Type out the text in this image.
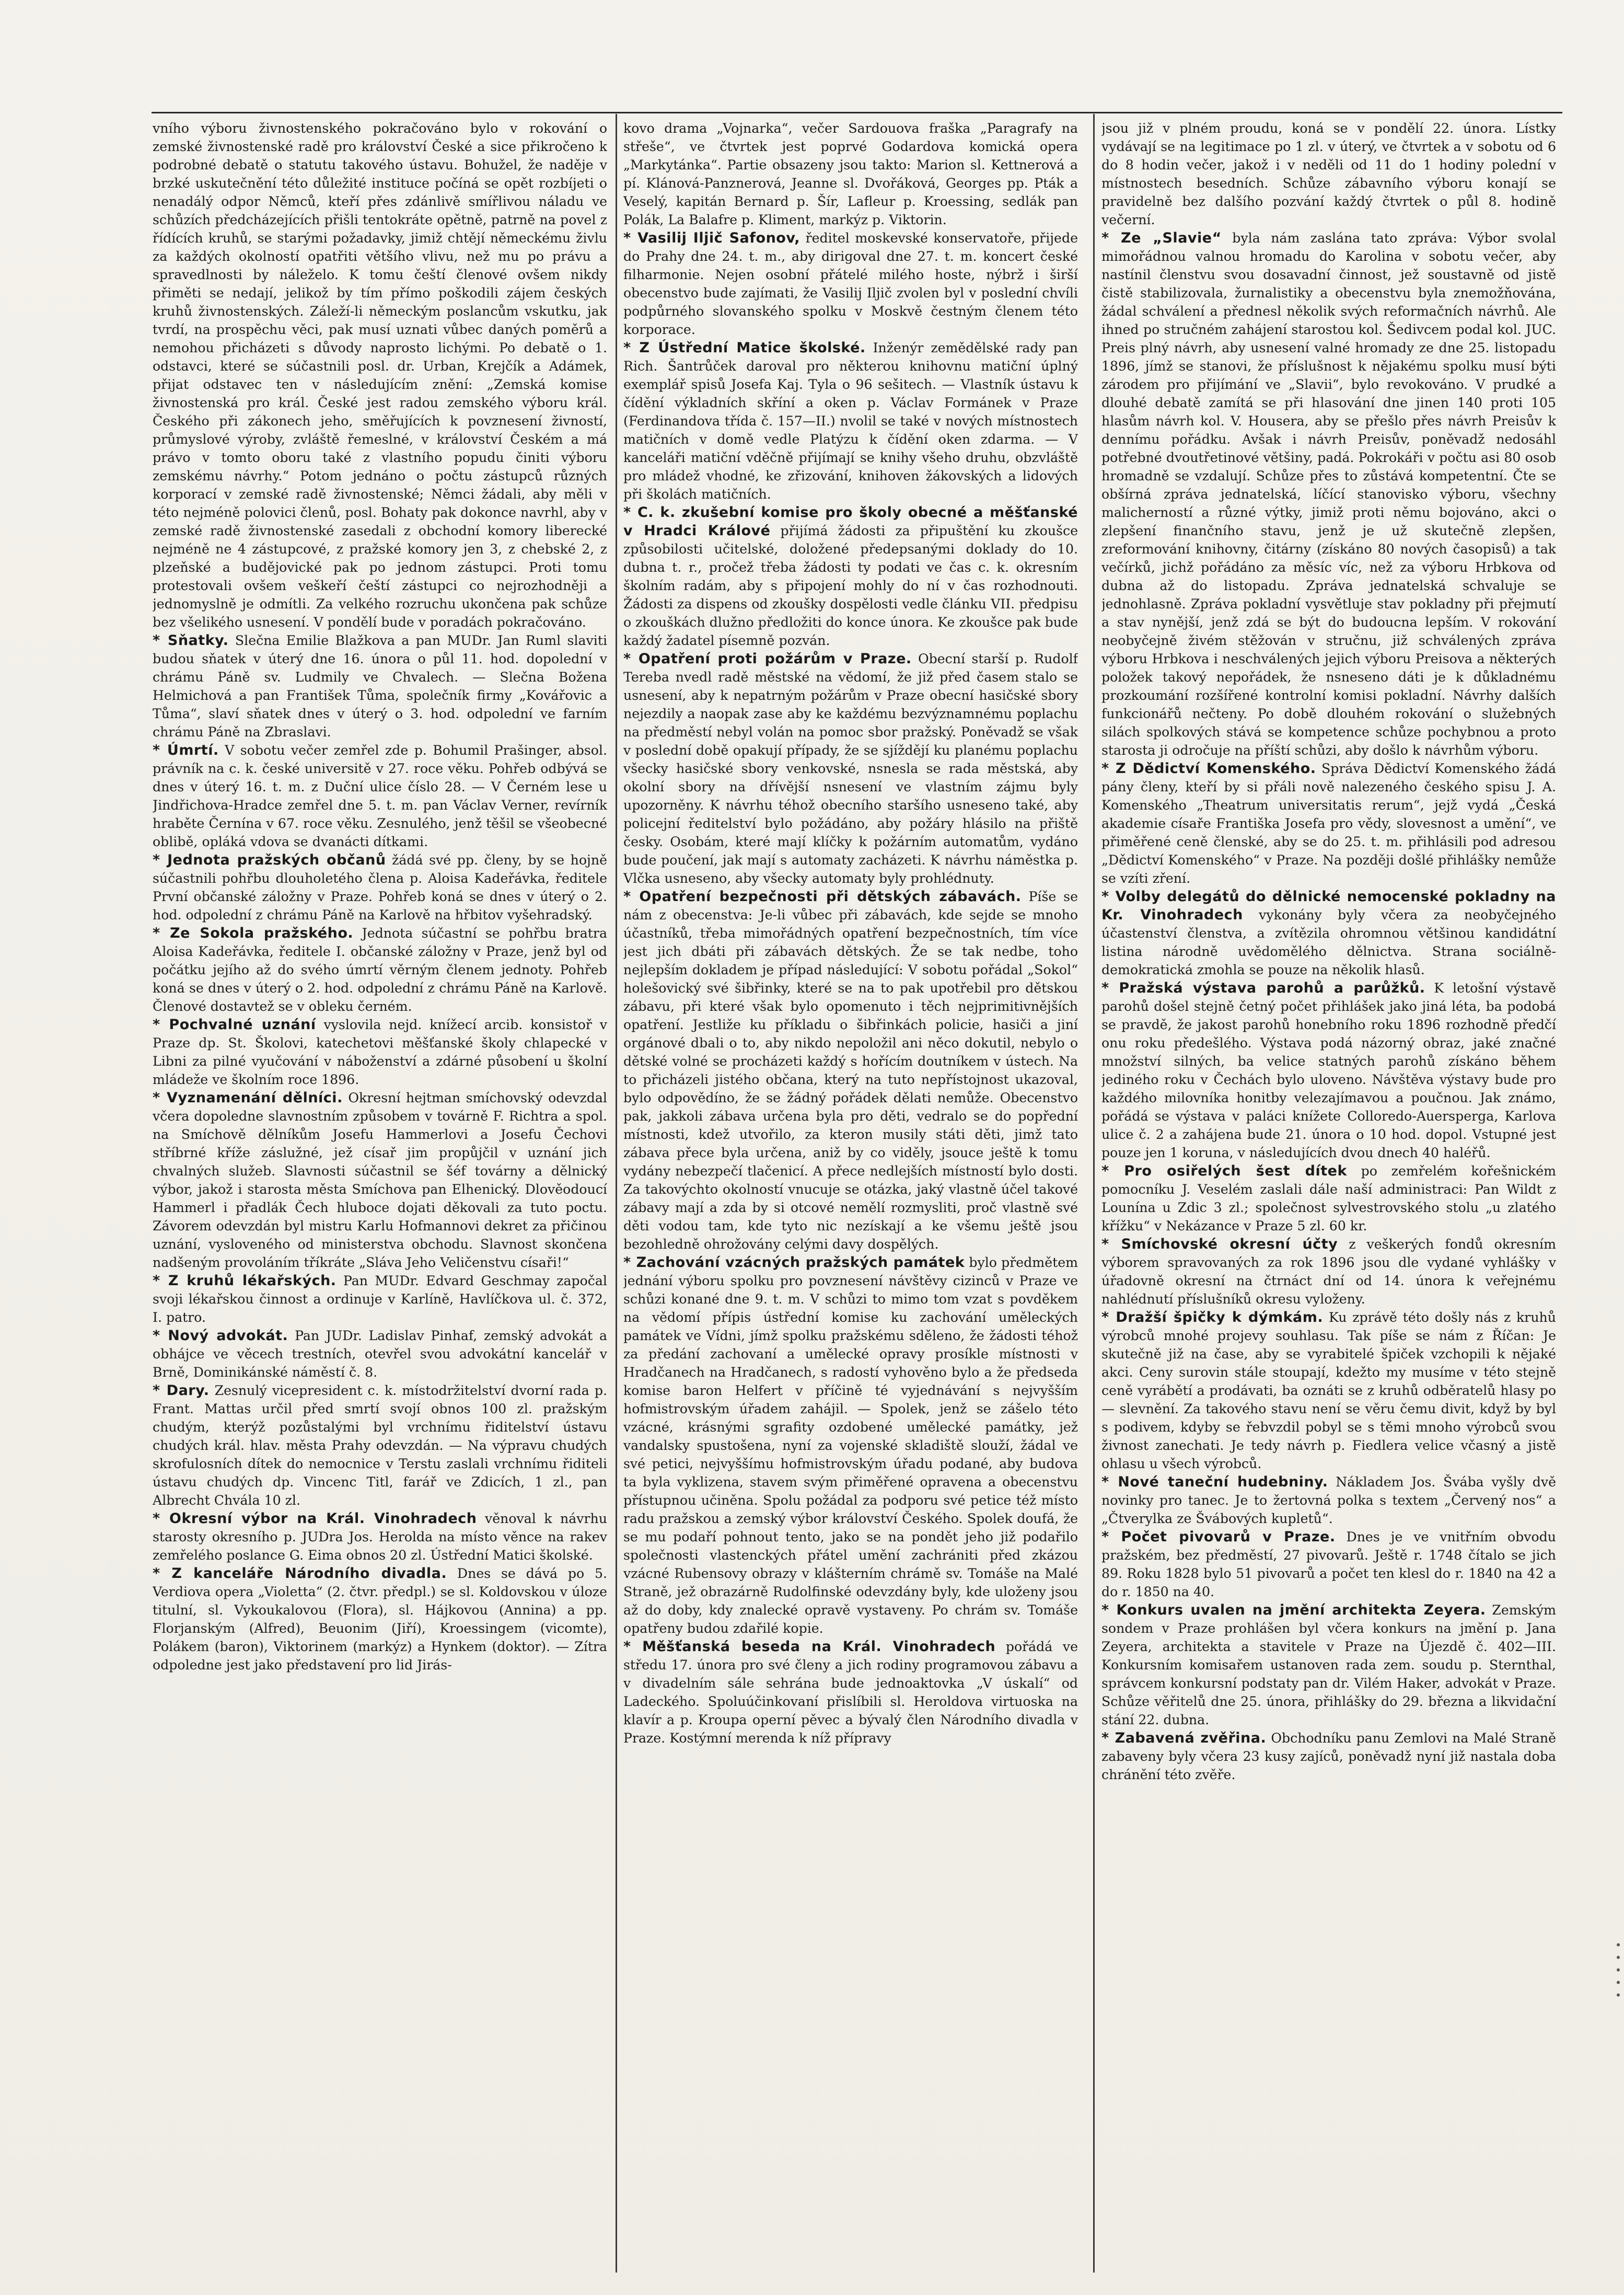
vního výboru živnostenského pokračováno bylo v rokování o zemské živnostenské radě pro království České a sice přikročeno k podrobné debatě o statutu takového ústavu. Bohužel, že naděje v brzké uskutečnění této důležité instituce počíná se opět rozbíjeti o nenadálý odpor Němců, kteří přes zdánlivě smířlivou náladu ve schůzích předcházejících přišli tentokráte opětně, patrně na povel z řídících kruhů, se starými požadavky, jimiž chtějí německému živlu za každých okolností opatřiti většího vlivu, než mu po právu a spravedlnosti by náleželo. K tomu čeští členové ovšem nikdy přiměti se nedají, jelikož by tím přímo poškodili zájem českých kruhů živnostenských. Záleží-li německým poslancům vskutku, jak tvrdí, na prospěchu věci, pak musí uznati vůbec daných poměrů a nemohou přicházeti s důvody naprosto lichými. Po debatě o 1. odstavci, které se súčastnili posl. dr. Urban, Krejčík a Adámek, přijat odstavec ten v následujícím znění: „Zemská komise živnostenská pro král. České jest radou zemského výboru král. Českého při zákonech jeho, směřujících k povznesení živností, průmyslové výroby, zvláště řemeslné, v království Českém a má právo v tomto oboru také z vlastního popudu činiti výboru zemskému návrhy.“ Potom jednáno o počtu zástupců různých korporací v zemské radě živnostenské; Němci žádali, aby měli v této nejméně polovici členů, posl. Bohaty pak dokonce navrhl, aby v zemské radě živnostenské zasedali z obchodní komory liberecké nejméně ne 4 zástupcové, z pražské komory jen 3, z chebské 2, z plzeňské a budějovické pak po jednom zástupci. Proti tomu protestovali ovšem veškeří čeští zástupci co nejrozhodněji a jednomyslně je odmítli. Za velkého rozruchu ukončena pak schůze bez všelikého usnesení. V pondělí bude v poradách pokračováno.

* Sňatky. Slečna Emilie Blažkova a pan MUDr. Jan Ruml slaviti budou sňatek v úterý dne 16. února o půl 11. hod. dopolední v chrámu Páně sv. Ludmily ve Chvalech. — Slečna Božena Helmichová a pan František Tůma, společník firmy „Kovářovic a Tůma“, slaví sňatek dnes v úterý o 3. hod. odpolední ve farním chrámu Páně na Zbraslavi.

* Úmrtí. V sobotu večer zemřel zde p. Bohumil Prašinger, absol. právník na c. k. české universitě v 27. roce věku. Pohřeb odbývá se dnes v úterý 16. t. m. z Duční ulice číslo 28. — V Černém lese u Jindřichova-Hradce zemřel dne 5. t. m. pan Václav Verner, revírník hraběte Černína v 67. roce věku. Zesnulého, jenž těšil se všeobecné oblibě, opláká vdova se dvanácti dítkami.

* Jednota pražských občanů žádá své pp. členy, by se hojně súčastnili pohřbu dlouholetého člena p. Aloisa Kadeřávka, ředitele První občanské záložny v Praze. Pohřeb koná se dnes v úterý o 2. hod. odpolední z chrámu Páně na Karlově na hřbitov vyšehradský.

* Ze Sokola pražského. Jednota súčastní se pohřbu bratra Aloisa Kadeřávka, ředitele I. občanské záložny v Praze, jenž byl od počátku jejího až do svého úmrtí věrným členem jednoty. Pohřeb koná se dnes v úterý o 2. hod. odpolední z chrámu Páně na Karlově. Členové dostavtež se v obleku černém.

* Pochvalné uznání vyslovila nejd. knížecí arcib. konsistoř v Praze dp. St. Školovi, katechetovi měšťanské školy chlapecké v Libni za pilné vyučování v náboženství a zdárné působení u školní mládeže ve školním roce 1896.

* Vyznamenání dělníci. Okresní hejtman smíchovský odevzdal včera dopoledne slavnostním způsobem v továrně F. Richtra a spol. na Smíchově dělníkům Josefu Hammerlovi a Josefu Čechovi stříbrné kříže záslužné, jež císař jim propůjčil v uznání jich chvalných služeb. Slavnosti súčastnil se šéf továrny a dělnický výbor, jakož i starosta města Smíchova pan Elhenický. Dlověodoucí Hammerl i přadlák Čech hluboce dojati děkovali za tuto poctu. Závorem odevzdán byl mistru Karlu Hofmannovi dekret za přičinou uznání, vysloveného od ministerstva obchodu. Slavnost skončena nadšeným provoláním tříkráte „Sláva Jeho Veličenstvu císaři!“

* Z kruhů lékařských. Pan MUDr. Edvard Geschmay započal svoji lékařskou činnost a ordinuje v Karlíně, Havlíčkova ul. č. 372, I. patro.

* Nový advokát. Pan JUDr. Ladislav Pinhaf, zemský advokát a obhájce ve věcech trestních, otevřel svou advokátní kancelář v Brně, Dominikánské náměstí č. 8.

* Dary. Zesnulý vicepresident c. k. místodržitelství dvorní rada p. Frant. Mattas určil před smrtí svojí obnos 100 zl. pražským chudým, kterýž pozůstalými byl vrchnímu řiditelství ústavu chudých král. hlav. města Prahy odevzdán. — Na výpravu chudých skrofulosních dítek do nemocnice v Terstu zaslali vrchnímu řiditeli ústavu chudých dp. Vincenc Titl, farář ve Zdicích, 1 zl., pan Albrecht Chvála 10 zl.

* Okresní výbor na Král. Vinohradech věnoval k návrhu starosty okresního p. JUDra Jos. Herolda na místo věnce na rakev zemřelého poslance G. Eima obnos 20 zl. Ústřední Matici školské.

* Z kanceláře Národního divadla. Dnes se dává po 5. Verdiova opera „Violetta“ (2. čtvr. předpl.) se sl. Koldovskou v úloze titulní, sl. Vykoukalovou (Flora), sl. Hájkovou (Annina) a pp. Florjanským (Alfred), Beuonim (Jiří), Kroessingem (vicomte), Polákem (baron), Viktorinem (markýz) a Hynkem (doktor). — Zítra odpoledne jest jako představení pro lid Jirás-

kovo drama „Vojnarka“, večer Sardouova fraška „Paragrafy na střeše“, ve čtvrtek jest poprvé Godardova komická opera „Markytánka“. Partie obsazeny jsou takto: Marion sl. Kettnerová a pí. Klánová-Panznerová, Jeanne sl. Dvořáková, Georges pp. Pták a Veselý, kapitán Bernard p. Šír, Lafleur p. Kroessing, sedlák pan Polák, La Balafre p. Kliment, markýz p. Viktorin.

* Vasilij Iljič Safonov, ředitel moskevské konservatoře, přijede do Prahy dne 24. t. m., aby dirigoval dne 27. t. m. koncert české filharmonie. Nejen osobní přátelé milého hoste, nýbrž i širší obecenstvo bude zajímati, že Vasilij Iljič zvolen byl v poslední chvíli podpůrného slovanského spolku v Moskvě čestným členem této korporace.

* Z Ústřední Matice školské. Inženýr zemědělské rady pan Rich. Šantrůček daroval pro některou knihovnu matiční úplný exemplář spisů Josefa Kaj. Tyla o 96 sešitech. — Vlastník ústavu k čídění výkladních skříní a oken p. Václav Formánek v Praze (Ferdinandova třída č. 157—II.) nvolil se také v nových místnostech matičních v domě vedle Platýzu k čídění oken zdarma. — V kanceláři matiční vděčně přijímají se knihy všeho druhu, obzvláště pro mládež vhodné, ke zřizování, knihoven žákovských a lidových při školách matičních.

* C. k. zkušební komise pro školy obecné a měšťanské v Hradci Králové přijímá žádosti za připuštění ku zkoušce způsobilosti učitelské, doložené předepsanými doklady do 10. dubna t. r., pročež třeba žádosti ty podati ve čas c. k. okresním školním radám, aby s připojení mohly do ní v čas rozhodnouti. Žádosti za dispens od zkoušky dospělosti vedle článku VII. předpisu o zkouškách dlužno předložiti do konce února. Ke zkoušce pak bude každý žadatel písemně pozván.

* Opatření proti požárům v Praze. Obecní starší p. Rudolf Tereba nvedl radě městské na vědomí, že již před časem stalo se usnesení, aby k nepatrným požárům v Praze obecní hasičské sbory nejezdily a naopak zase aby ke každému bezvýznamnému poplachu na předměstí nebyl volán na pomoc sbor pražský. Poněvadž se však v poslední době opakují případy, že se sjíždějí ku planému poplachu všecky hasičské sbory venkovské, nsnesla se rada městská, aby okolní sbory na dřívější nsnesení ve vlastním zájmu byly upozorněny. K návrhu téhož obecního staršího usneseno také, aby policejní ředitelství bylo požádáno, aby požáry hlásilo na přiště česky. Osobám, které mají klíčky k požárním automatům, vydáno bude poučení, jak mají s automaty zacházeti. K návrhu náměstka p. Vlčka usneseno, aby všecky automaty byly prohlédnuty.

* Opatření bezpečnosti při dětských zábavách. Píše se nám z obecenstva: Je-li vůbec při zábavách, kde sejde se mnoho účastníků, třeba mimořádných opatření bezpečnostních, tím více jest jich dbáti při zábavách dětských. Že se tak nedbe, toho nejlepším dokladem je případ následující: V sobotu pořádal „Sokol“ holešovický své šibřinky, které se na to pak upotřebil pro dětskou zábavu, při které však bylo opomenuto i těch nejprimitivnějších opatření. Jestliže ku příkladu o šibřinkách policie, hasiči a jiní orgánové dbali o to, aby nikdo nepoložil ani něco dokutil, nebylo o dětské volné se procházeti každý s hořícím doutníkem v ústech. Na to přicházeli jistého občana, který na tuto nepřístojnost ukazoval, bylo odpovědíno, že se žádný pořádek dělati nemůže. Obecenstvo pak, jakkoli zábava určena byla pro děti, vedralo se do popřední místnosti, kdež utvořilo, za kteron musily státi děti, jimž tato zábava přece byla určena, aniž by co viděly, jsouce ještě k tomu vydány nebezpečí tlačenicí. A přece nedlejších místností bylo dosti. Za takovýchto okolností vnucuje se otázka, jaký vlastně účel takové zábavy mají a zda by si otcové nemělí rozmysliti, proč vlastně své děti vodou tam, kde tyto nic nezískají a ke všemu ještě jsou bezohledně ohrožovány celými davy dospělých.

* Zachování vzácných pražských památek bylo předmětem jednání výboru spolku pro povznesení návštěvy cizinců v Praze ve schůzi konané dne 9. t. m. V schůzi to mimo tom vzat s povděkem na vědomí přípis ústřední komise ku zachování uměleckých památek ve Vídni, jímž spolku pražskému sděleno, že žádosti téhož za předání zachovaní a umělecké opravy prosíkle místnosti v Hradčanech na Hradčanech, s radostí vyhověno bylo a že předseda komise baron Helfert v příčině té vyjednávání s nejvyšším hofmistrovským úřadem zahájil. — Spolek, jenž se zášelo této vzácné, krásnými sgrafity ozdobené umělecké památky, jež vandalsky spustošena, nyní za vojenské skladiště slouží, žádal ve své petici, nejvyššímu hofmistrovským úřadu podané, aby budova ta byla vyklizena, stavem svým přiměřené opravena a obecenstvu přístupnou učiněna. Spolu požádal za podporu své petice též místo radu pražskou a zemský výbor království Českého. Spolek doufá, že se mu podaří pohnout tento, jako se na pondět jeho již podařilo společnosti vlastenckých přátel umění zachrániti před zkázou vzácné Rubensovy obrazy v klášterním chrámě sv. Tomáše na Malé Straně, jež obrazárně Rudolfinské odevzdány byly, kde uloženy jsou až do doby, kdy znalecké opravě vystaveny. Po chrám sv. Tomáše opatřeny budou zdařilé kopie.

* Měšťanská beseda na Král. Vinohradech pořádá ve středu 17. února pro své členy a jich rodiny programovou zábavu a v divadelním sále sehrána bude jednoaktovka „V úskalí“ od Ladeckého. Spoluúčinkovaní přislíbili sl. Heroldova virtuoska na klavír a p. Kroupa operní pěvec a bývalý člen Národního divadla v Praze. Kostýmní merenda k níž přípravy

jsou již v plném proudu, koná se v pondělí 22. února. Lístky vydávají se na legitimace po 1 zl. v úterý, ve čtvrtek a v sobotu od 6 do 8 hodin večer, jakož i v neděli od 11 do 1 hodiny polední v místnostech besedních. Schůze zábavního výboru konají se pravidelně bez dalšího pozvání každý čtvrtek o půl 8. hodině večerní.

* Ze „Slavie“ byla nám zaslána tato zpráva: Výbor svolal mimořádnou valnou hromadu do Karolina v sobotu večer, aby nastínil členstvu svou dosavadní činnost, jež soustavně od jistě čistě stabilizovala, žurnalistiky a obecenstvu byla znemožňována, žádal schválení a přednesl několik svých reformačních návrhů. Ale ihned po stručném zahájení starostou kol. Šedivcem podal kol. JUC. Preis plný návrh, aby usnesení valné hromady ze dne 25. listopadu 1896, jímž se stanovi, že příslušnost k nějakému spolku musí býti zárodem pro přijímání ve „Slavii“, bylo revokováno. V prudké a dlouhé debatě zamítá se při hlasování dne jinen 140 proti 105 hlasům návrh kol. V. Housera, aby se přešlo přes návrh Preisův k dennímu pořádku. Avšak i návrh Preisův, poněvadž nedosáhl potřebné dvoutřetinové většiny, padá. Pokrokáři v počtu asi 80 osob hromadně se vzdalují. Schůze přes to zůstává kompetentní. Čte se obšírná zpráva jednatelská, líčící stanovisko výboru, všechny malicherností a různé výtky, jimiž proti němu bojováno, akci o zlepšení finančního stavu, jenž je už skutečně zlepšen, zreformování knihovny, čitárny (získáno 80 nových časopisů) a tak večírků, jichž pořádáno za měsíc víc, než za výboru Hrbkova od dubna až do listopadu. Zpráva jednatelská schvaluje se jednohlasně. Zpráva pokladní vysvětluje stav pokladny při přejmutí a stav nynější, jenž zdá se být do budoucna lepším. V rokování neobyčejně živém stěžován v stručnu, již schválených zpráva výboru Hrbkova i neschválených jejich výboru Preisova a některých položek takový nepořádek, že nsneseno dáti je k důkladnému prozkoumání rozšířené kontrolní komisi pokladní. Návrhy dalších funkcionářů nečteny. Po době dlouhém rokování o služebných silách spolkových stává se kompetence schůze pochybnou a proto starosta ji odročuje na příští schůzi, aby došlo k návrhům výboru.

* Z Dědictví Komenského. Správa Dědictví Komenského žádá pány členy, kteří by si přáli nově nalezeného českého spisu J. A. Komenského „Theatrum universitatis rerum“, jejž vydá „Česká akademie císaře Františka Josefa pro vědy, slovesnost a umění“, ve přiměřené ceně členské, aby se do 25. t. m. přihlásili pod adresou „Dědictví Komenského“ v Praze. Na později došlé přihlášky nemůže se vzíti zření.

* Volby delegátů do dělnické nemocenské pokladny na Kr. Vinohradech vykonány byly včera za neobyčejného účastenství členstva, a zvítězila ohromnou většinou kandidátní listina národně uvědomělého dělnictva. Strana sociálně-demokratická zmohla se pouze na několik hlasů.

* Pražská výstava parohů a parůžků. K letošní výstavě parohů došel stejně četný počet přihlášek jako jiná léta, ba podobá se pravdě, že jakost parohů honebního roku 1896 rozhodně předčí onu roku předešlého. Výstava podá názorný obraz, jaké značné množství silných, ba velice statných parohů získáno během jediného roku v Čechách bylo uloveno. Návštěva výstavy bude pro každého milovníka honitby velezajímavou a poučnou. Jak známo, pořádá se výstava v paláci knížete Colloredo-Auersperga, Karlova ulice č. 2 a zahájena bude 21. února o 10 hod. dopol. Vstupné jest pouze jen 1 koruna, v následujících dvou dnech 40 haléřů.

* Pro osiřelých šest dítek po zemřelém kořešnickém pomocníku J. Veselém zaslali dále naší administraci: Pan Wildt z Lounína u Zdic 3 zl.; společnost sylvestrovského stolu „u zlatého křížku“ v Nekázance v Praze 5 zl. 60 kr.

* Smíchovské okresní účty z veškerých fondů okresním výborem spravovaných za rok 1896 jsou dle vydané vyhlášky v úřadovně okresní na čtrnáct dní od 14. února k veřejnému nahlédnutí příslušníků okresu vyloženy.

* Dražší špičky k dýmkám. Ku zprávě této došly nás z kruhů výrobců mnohé projevy souhlasu. Tak píše se nám z Říčan: Je skutečně již na čase, aby se vyrabitelé špiček vzchopili k nějaké akci. Ceny surovin stále stoupají, kdežto my musíme v této stejně ceně vyrábětí a prodávati, ba oznáti se z kruhů odběratelů hlasy po — slevnění. Za takového stavu není se věru čemu divit, když by byl s podivem, kdyby se řebvzdil pobyl se s těmi mnoho výrobců svou živnost zanechati. Je tedy návrh p. Fiedlera velice včasný a jistě ohlasu u všech výrobců.

* Nové taneční hudebniny. Nákladem Jos. Švába vyšly dvě novinky pro tanec. Je to žertovná polka s textem „Červený nos“ a „Čtverylka ze Švábových kupletů“.

* Počet pivovarů v Praze. Dnes je ve vnitřním obvodu pražském, bez předměstí, 27 pivovarů. Ještě r. 1748 čítalo se jich 89. Roku 1828 bylo 51 pivovarů a počet ten klesl do r. 1840 na 42 a do r. 1850 na 40.

* Konkurs uvalen na jmění architekta Zeyera. Zemským sondem v Praze prohlášen byl včera konkurs na jmění p. Jana Zeyera, architekta a stavitele v Praze na Újezdě č. 402—III. Konkursním komisařem ustanoven rada zem. soudu p. Sternthal, správcem konkursní podstaty pan dr. Vilém Haker, advokát v Praze. Schůze věřitelů dne 25. února, přihlášky do 29. března a likvidační stání 22. dubna.

* Zabavená zvěřina. Obchodníku panu Zemlovi na Malé Straně zabaveny byly včera 23 kusy zajíců, poněvadž nyní již nastala doba chránění této zvěře.
